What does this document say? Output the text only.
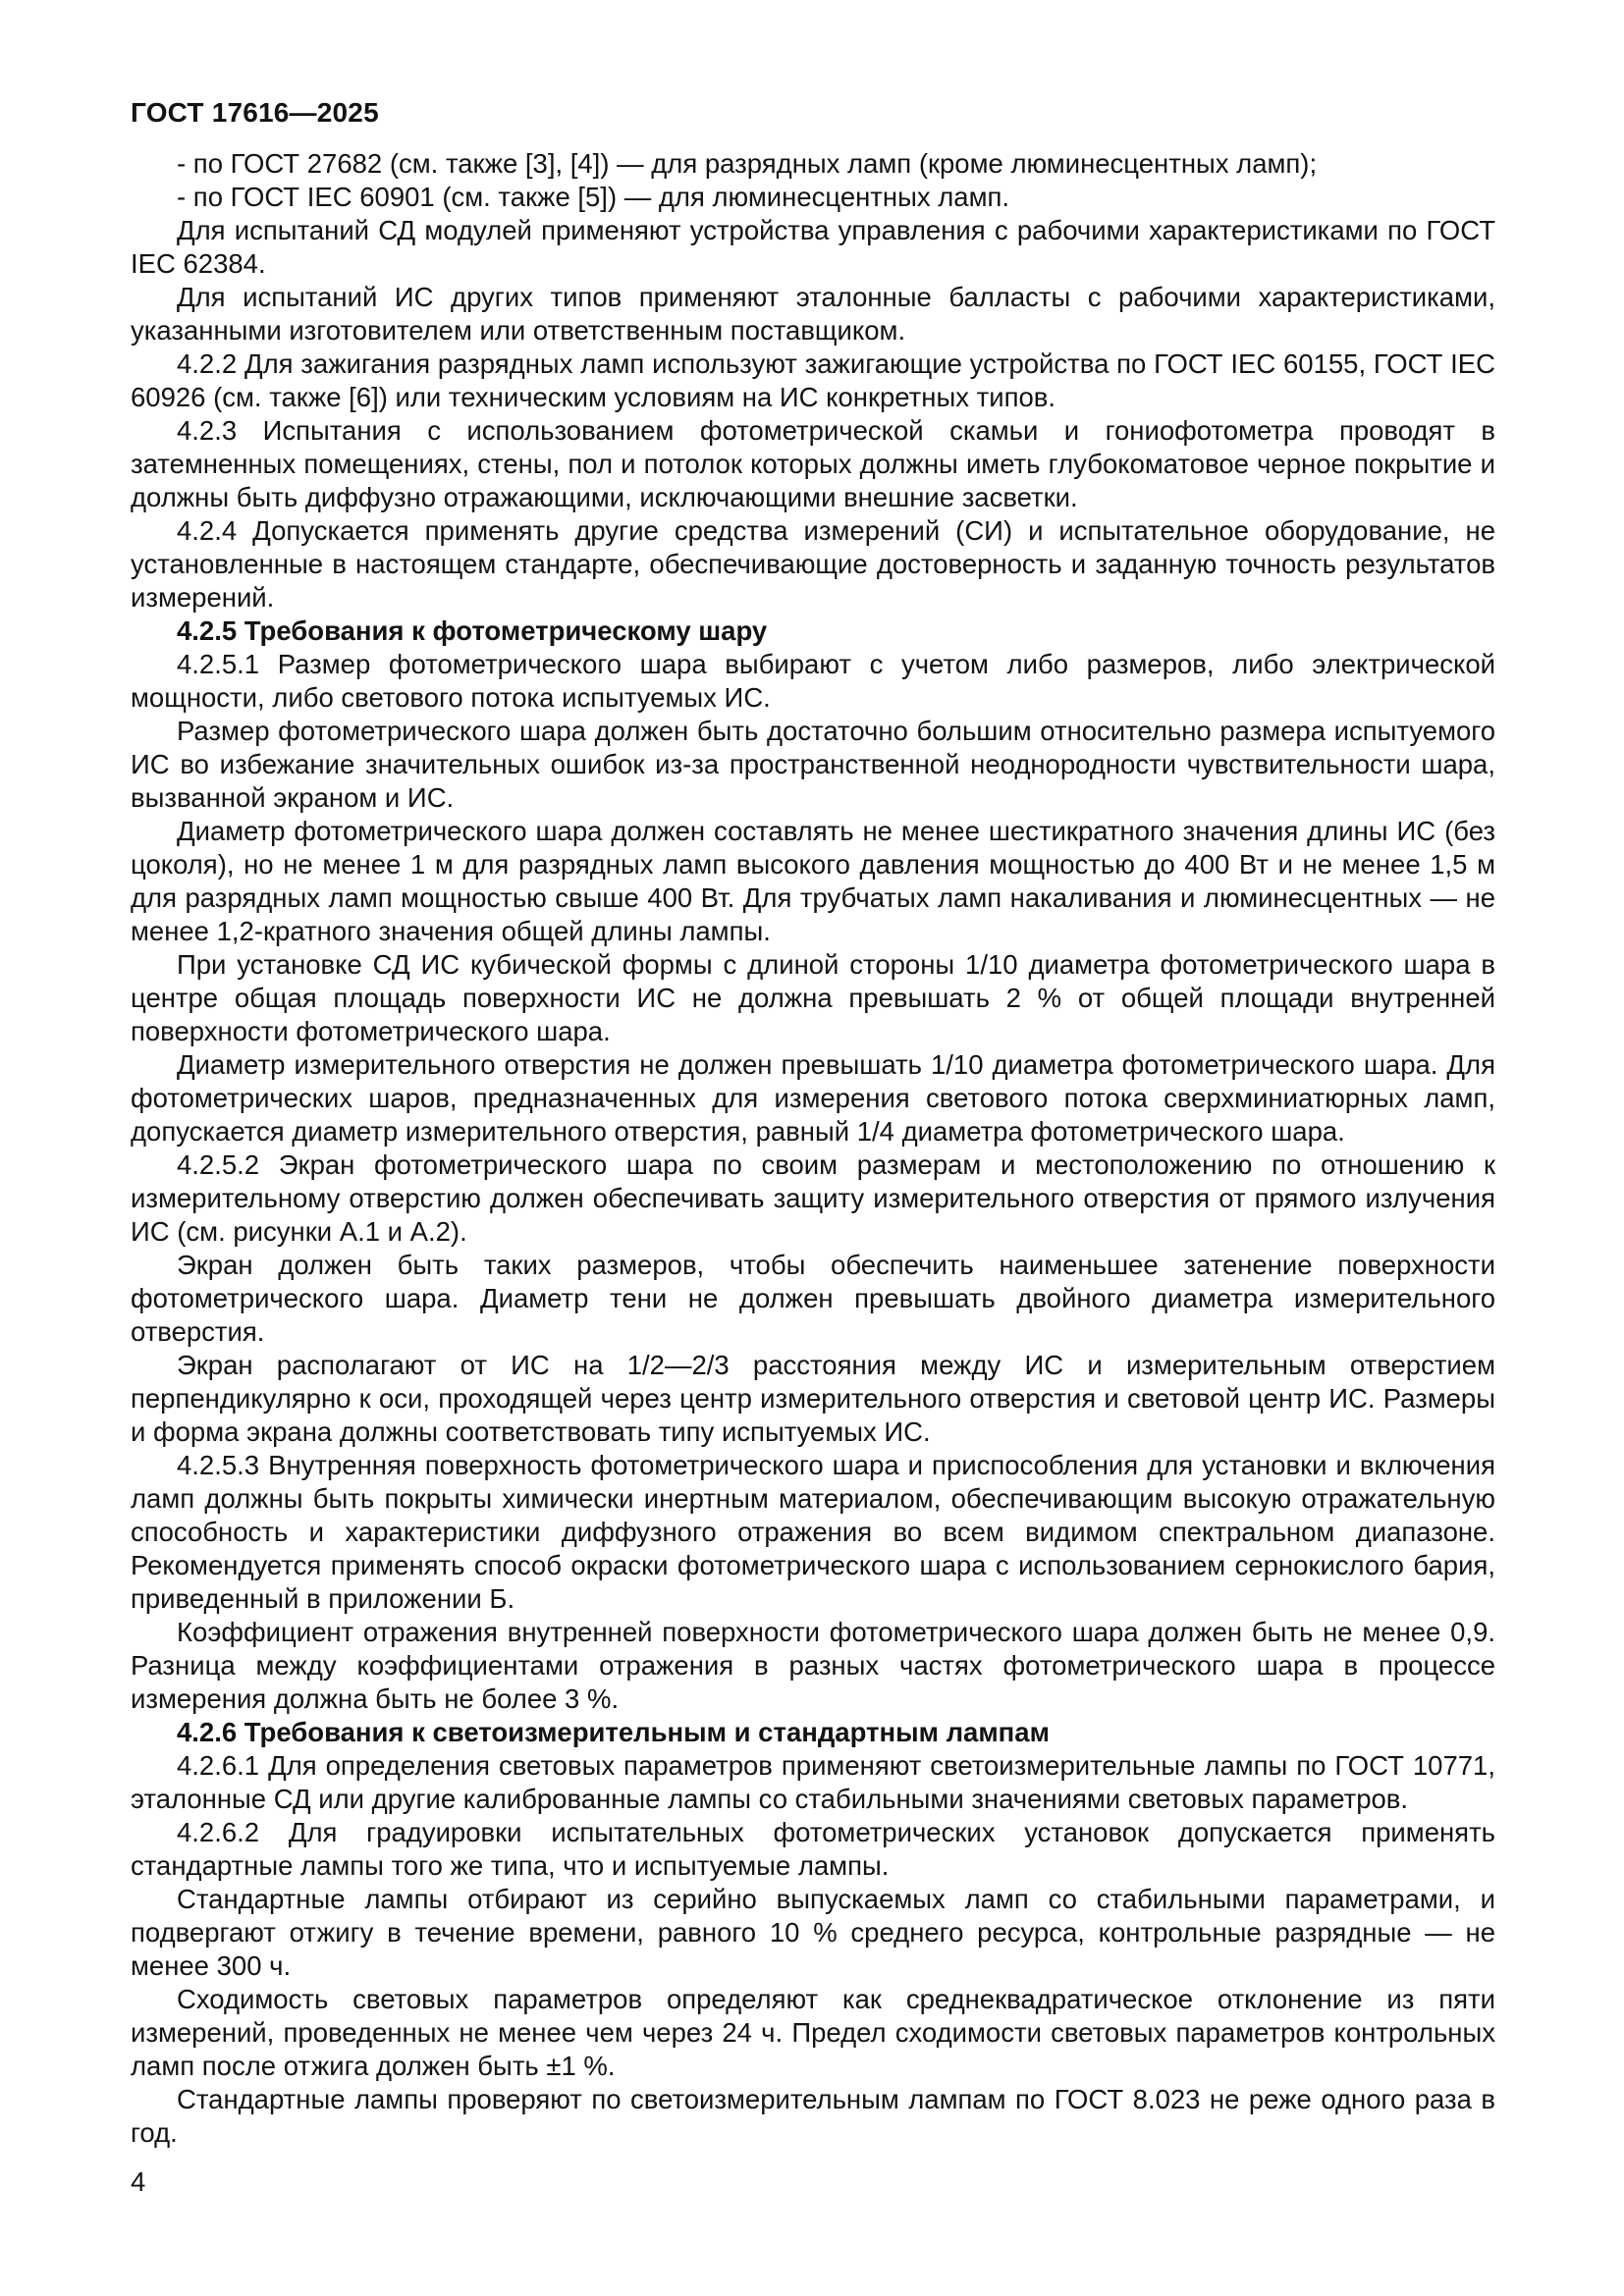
ГОСТ 17616—2025

- по ГОСТ 27682 (см. также [3], [4]) — для разрядных ламп (кроме люминесцентных ламп);

- по ГОСТ IEC 60901 (см. также [5]) — для люминесцентных ламп.

Для испытаний СД модулей применяют устройства управления с рабочими характеристиками по ГОСТ IEC 62384.

Для испытаний ИС других типов применяют эталонные балласты с рабочими характеристиками, указанными изготовителем или ответственным поставщиком.

4.2.2 Для зажигания разрядных ламп используют зажигающие устройства по ГОСТ IEC 60155, ГОСТ IEC 60926 (см. также [6]) или техническим условиям на ИС конкретных типов.

4.2.3 Испытания с использованием фотометрической скамьи и гониофотометра проводят в затемненных помещениях, стены, пол и потолок которых должны иметь глубокоматовое черное покрытие и должны быть диффузно отражающими, исключающими внешние засветки.

4.2.4 Допускается применять другие средства измерений (СИ) и испытательное оборудование, не установленные в настоящем стандарте, обеспечивающие достоверность и заданную точность результатов измерений.

4.2.5 Требования к фотометрическому шару

4.2.5.1 Размер фотометрического шара выбирают с учетом либо размеров, либо электрической мощности, либо светового потока испытуемых ИС.

Размер фотометрического шара должен быть достаточно большим относительно размера испытуемого ИС во избежание значительных ошибок из-за пространственной неоднородности чувствительности шара, вызванной экраном и ИС.

Диаметр фотометрического шара должен составлять не менее шестикратного значения длины ИС (без цоколя), но не менее 1 м для разрядных ламп высокого давления мощностью до 400 Вт и не менее 1,5 м для разрядных ламп мощностью свыше 400 Вт. Для трубчатых ламп накаливания и люминесцентных — не менее 1,2-кратного значения общей длины лампы.

При установке СД ИС кубической формы с длиной стороны 1/10 диаметра фотометрического шара в центре общая площадь поверхности ИС не должна превышать 2 % от общей площади внутренней поверхности фотометрического шара.

Диаметр измерительного отверстия не должен превышать 1/10 диаметра фотометрического шара. Для фотометрических шаров, предназначенных для измерения светового потока сверхминиатюрных ламп, допускается диаметр измерительного отверстия, равный 1/4 диаметра фотометрического шара.

4.2.5.2 Экран фотометрического шара по своим размерам и местоположению по отношению к измерительному отверстию должен обеспечивать защиту измерительного отверстия от прямого излучения ИС (см. рисунки А.1 и А.2).

Экран должен быть таких размеров, чтобы обеспечить наименьшее затенение поверхности фотометрического шара. Диаметр тени не должен превышать двойного диаметра измерительного отверстия.

Экран располагают от ИС на 1/2—2/3 расстояния между ИС и измерительным отверстием перпендикулярно к оси, проходящей через центр измерительного отверстия и световой центр ИС. Размеры и форма экрана должны соответствовать типу испытуемых ИС.

4.2.5.3 Внутренняя поверхность фотометрического шара и приспособления для установки и включения ламп должны быть покрыты химически инертным материалом, обеспечивающим высокую отражательную способность и характеристики диффузного отражения во всем видимом спектральном диапазоне. Рекомендуется применять способ окраски фотометрического шара с использованием сернокислого бария, приведенный в приложении Б.

Коэффициент отражения внутренней поверхности фотометрического шара должен быть не менее 0,9. Разница между коэффициентами отражения в разных частях фотометрического шара в процессе измерения должна быть не более 3 %.

4.2.6 Требования к светоизмерительным и стандартным лампам

4.2.6.1 Для определения световых параметров применяют светоизмерительные лампы по ГОСТ 10771, эталонные СД или другие калиброванные лампы со стабильными значениями световых параметров.

4.2.6.2 Для градуировки испытательных фотометрических установок допускается применять стандартные лампы того же типа, что и испытуемые лампы.

Стандартные лампы отбирают из серийно выпускаемых ламп со стабильными параметрами, и подвергают отжигу в течение времени, равного 10 % среднего ресурса, контрольные разрядные — не менее 300 ч.

Сходимость световых параметров определяют как среднеквадратическое отклонение из пяти измерений, проведенных не менее чем через 24 ч. Предел сходимости световых параметров контрольных ламп после отжига должен быть ±1 %.

Стандартные лампы проверяют по светоизмерительным лампам по ГОСТ 8.023 не реже одного раза в год.

4
